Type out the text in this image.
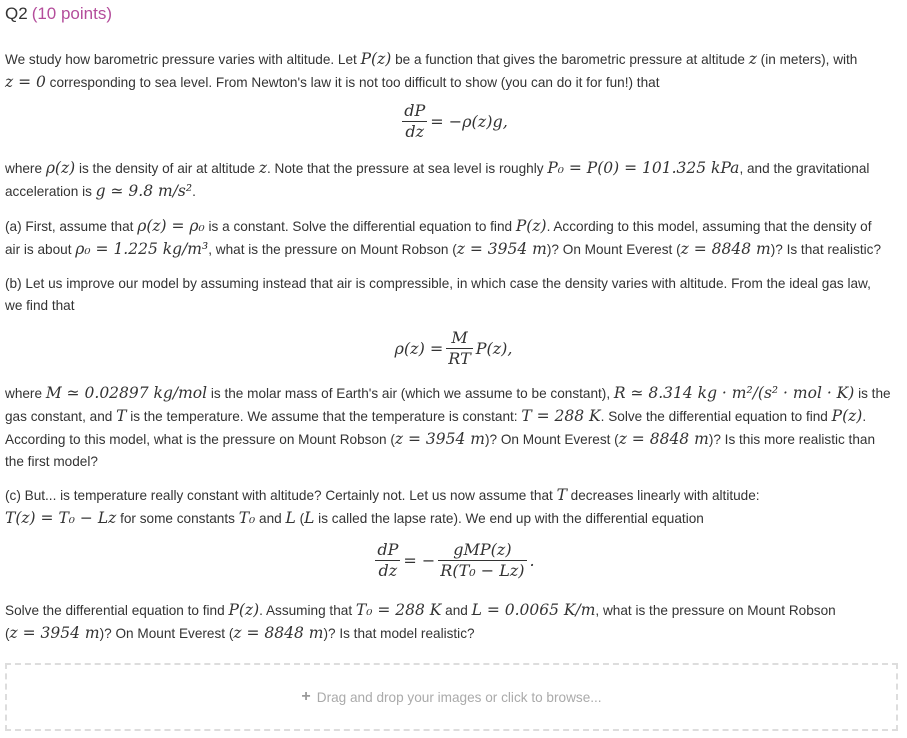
Q2 (10 points)
We study how barometric pressure varies with altitude. Let P(z) be a function that gives the barometric pressure at altitude z (in meters), with
z = 0 corresponding to sea level. From Newton's law it is not too difficult to show (you can do it for fun!) that
$\frac{dP}{dz} = -\rho(z)g$,
where ρ(z) is the density of air at altitude z. Note that the pressure at sea level is roughly P₀ = P(0) = 101.325 kPa, and the gravitational
acceleration is g ≃ 9.8 m/s².
(a) First, assume that ρ(z) = ρ₀ is a constant. Solve the differential equation to find P(z). According to this model, assuming that the density of
air is about ρ₀ = 1.225 kg/m³, what is the pressure on Mount Robson (z = 3954 m)? On Mount Everest (z = 8848 m)? Is that realistic?
(b) Let us improve our model by assuming instead that air is compressible, in which case the density varies with altitude. From the ideal gas law,
we find that
$\rho(z) = \frac{M}{RT} P(z)$,
where M ≃ 0.02897 kg/mol is the molar mass of Earth's air (which we assume to be constant), R ≃ 8.314 kg · m²/(s² · mol · K) is the
gas constant, and T is the temperature. We assume that the temperature is constant: T = 288 K. Solve the differential equation to find P(z).
According to this model, what is the pressure on Mount Robson (z = 3954 m)? On Mount Everest (z = 8848 m)? Is this more realistic than
the first model?
(c) But... is temperature really constant with altitude? Certainly not. Let us now assume that T decreases linearly with altitude:
T(z) = T₀ − Lz for some constants T₀ and L (L is called the lapse rate). We end up with the differential equation
$\frac{dP}{dz}$ = − $\frac{\text{gMP(z)}}{\text{R(T₀ − Lz)}}$ .
Solve the differential equation to find P(z). Assuming that T₀ = 288 K and L = 0.0065 K/m, what is the pressure on Mount Robson
(z = 3954 m)? On Mount Everest (z = 8848 m)? Is that model realistic?
+ Drag and drop your images or click to browse...
